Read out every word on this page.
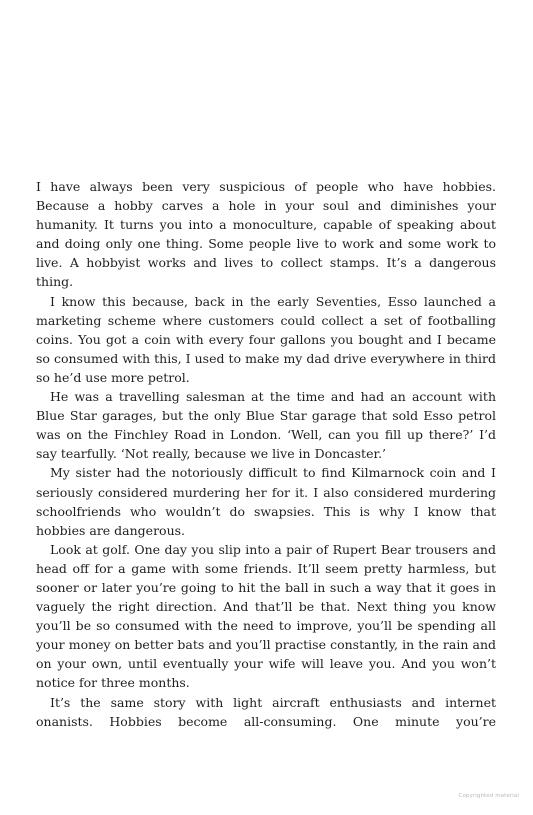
I have always been very suspicious of people who have hobbies. Because a hobby carves a hole in your soul and diminishes your humanity. It turns you into a monoculture, capable of speaking about and doing only one thing. Some people live to work and some work to live. A hobbyist works and lives to collect stamps. It’s a dangerous thing.

I know this because, back in the early Seventies, Esso launched a marketing scheme where customers could collect a set of footballing coins. You got a coin with every four gallons you bought and I became so consumed with this, I used to make my dad drive everywhere in third so he’d use more petrol.

He was a travelling salesman at the time and had an account with Blue Star garages, but the only Blue Star garage that sold Esso petrol was on the Finchley Road in London. ‘Well, can you fill up there?’ I’d say tearfully. ‘Not really, because we live in Doncaster.’

My sister had the notoriously difficult to find Kilmarnock coin and I seriously considered murdering her for it. I also considered murdering schoolfriends who wouldn’t do swapsies. This is why I know that hobbies are dangerous.

Look at golf. One day you slip into a pair of Rupert Bear trousers and head off for a game with some friends. It’ll seem pretty harmless, but sooner or later you’re going to hit the ball in such a way that it goes in vaguely the right direction. And that’ll be that. Next thing you know you’ll be so consumed with the need to improve, you’ll be spending all your money on better bats and you’ll practise constantly, in the rain and on your own, until eventually your wife will leave you. And you won’t notice for three months.

It’s the same story with light aircraft enthusiasts and internet onanists. Hobbies become all-consuming. One minute you’re

Copyrighted material
